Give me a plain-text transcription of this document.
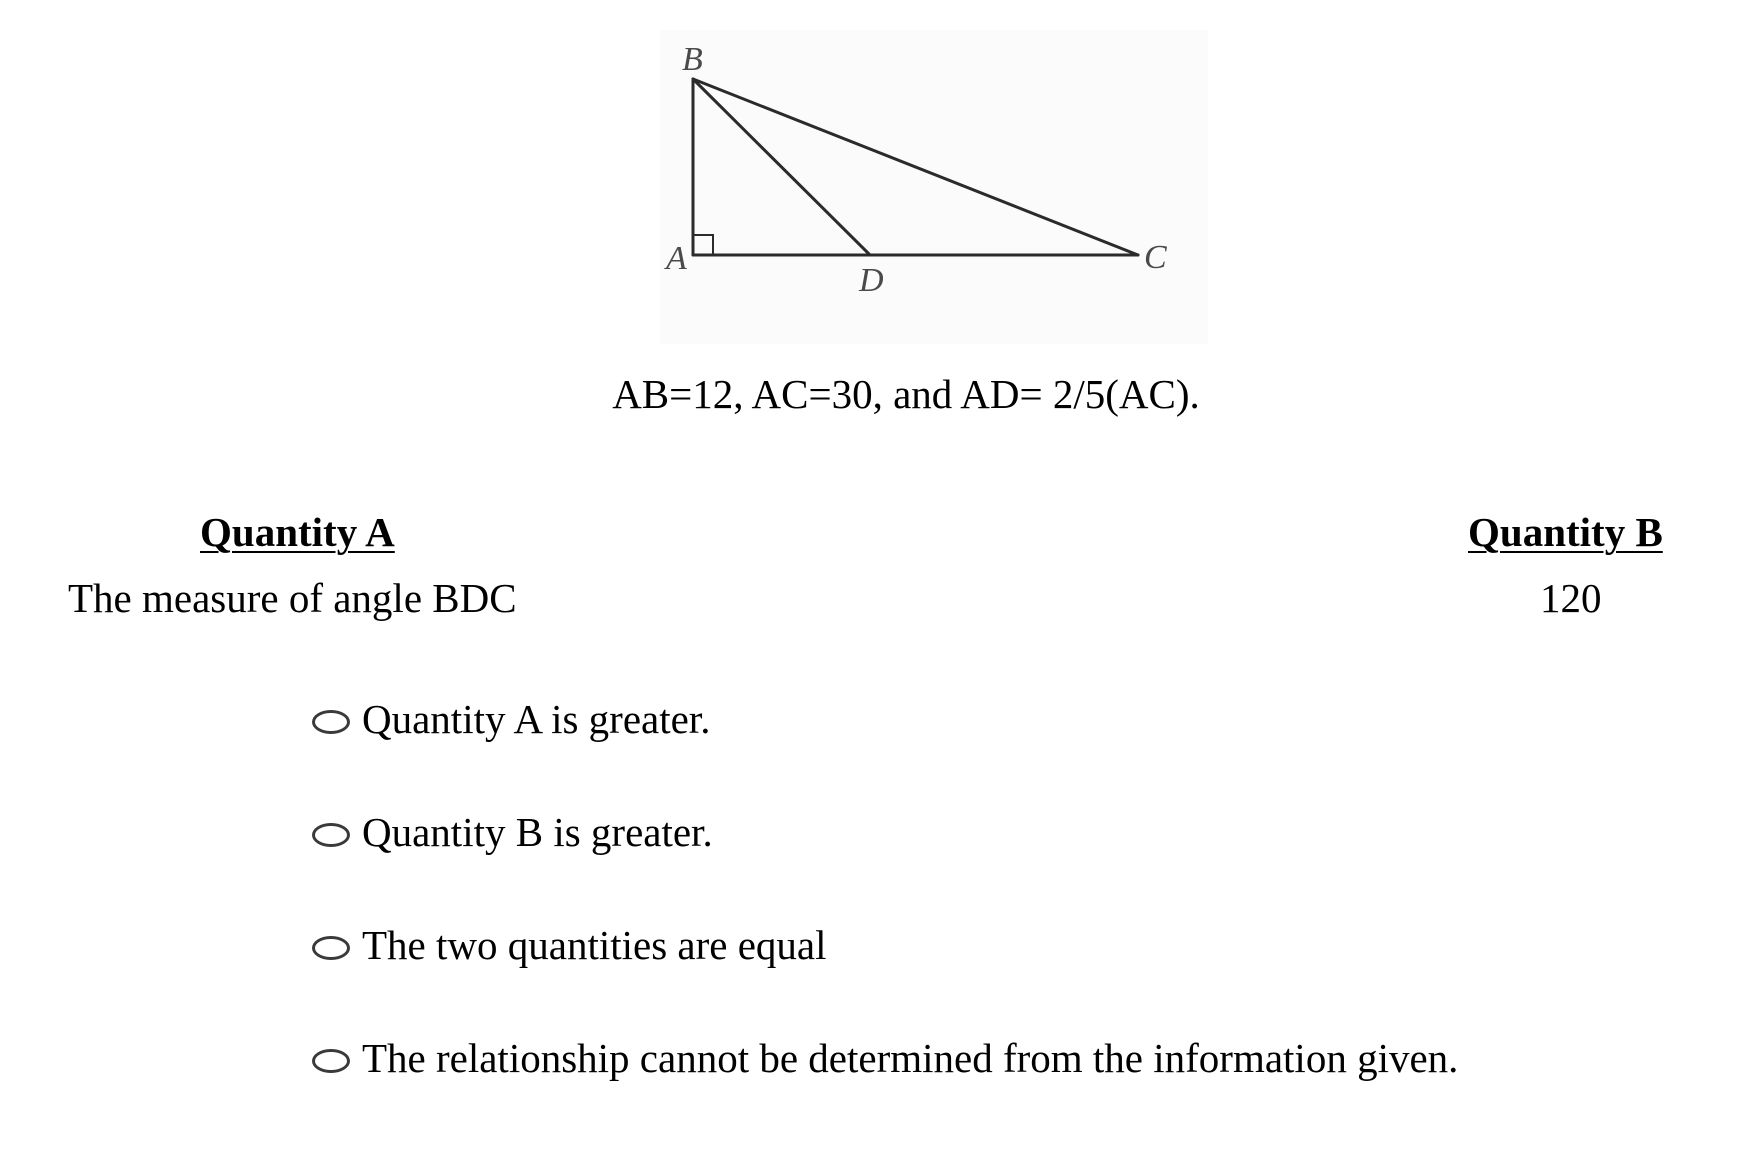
B
A
D
C
AB=12, AC=30, and AD= 2/5(AC).
Quantity A	Quantity B
The measure of angle BDC	120
Quantity A is greater.
Quantity B is greater.
The two quantities are equal
The relationship cannot be determined from the information given.
